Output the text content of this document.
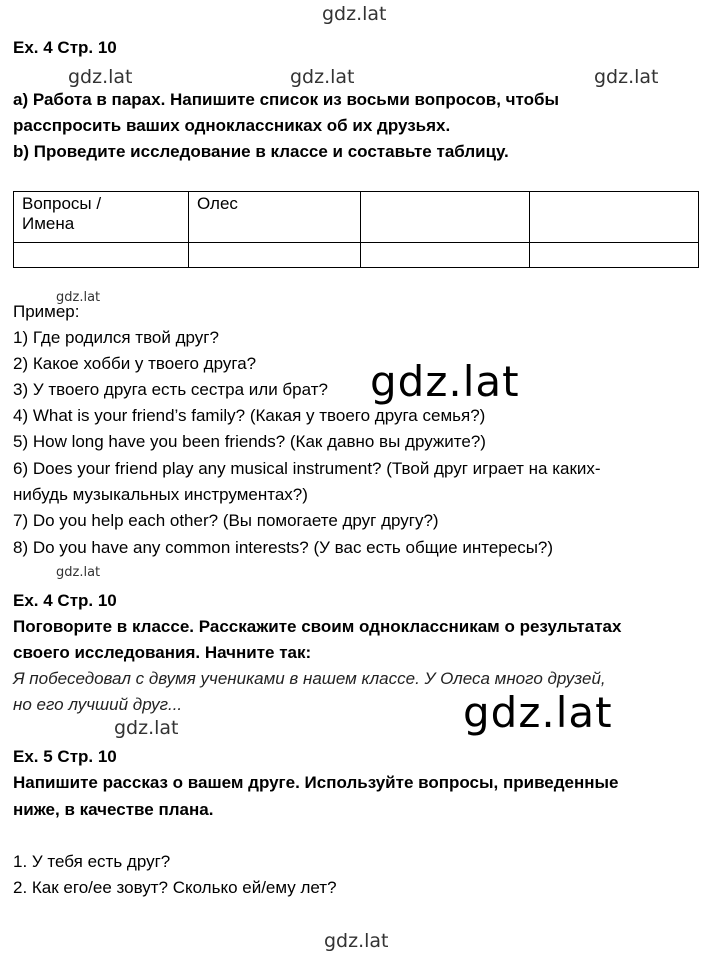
gdz.lat
gdz.lat	gdz.lat	gdz.lat
gdz.lat
gdz.lat
gdz.lat
gdz.lat
gdz.lat
gdz.lat
Ex. 4 Стр. 10
a) Работа в парах. Напишите список из восьми вопросов, чтобы
расспросить ваших одноклассниках об их друзьях.
b) Проведите исследование в классе и составьте таблицу.
Вопросы /
Имена	Олес		

Пример:
1) Где родился твой друг?
2) Какое хобби у твоего друга?
3) У твоего друга есть сестра или брат?
4) What is your friend’s family? (Какая у твоего друга семья?)
5) How long have you been friends? (Как давно вы дружите?)
6) Does your friend play any musical instrument? (Твой друг играет на каких-
нибудь музыкальных инструментах?)
7) Do you help each other? (Вы помогаете друг другу?)
8) Do you have any common interests? (У вас есть общие интересы?)
Ex. 4 Стр. 10
Поговорите в классе. Расскажите своим одноклассникам о результатах
своего исследования. Начните так:
Я побеседовал с двумя учениками в нашем классе. У Олеса много друзей,
но его лучший друг...
Ex. 5 Стр. 10
Напишите рассказ о вашем друге. Используйте вопросы, приведенные
ниже, в качестве плана.
1. У тебя есть друг?
2. Как его/ее зовут? Сколько ей/ему лет?
